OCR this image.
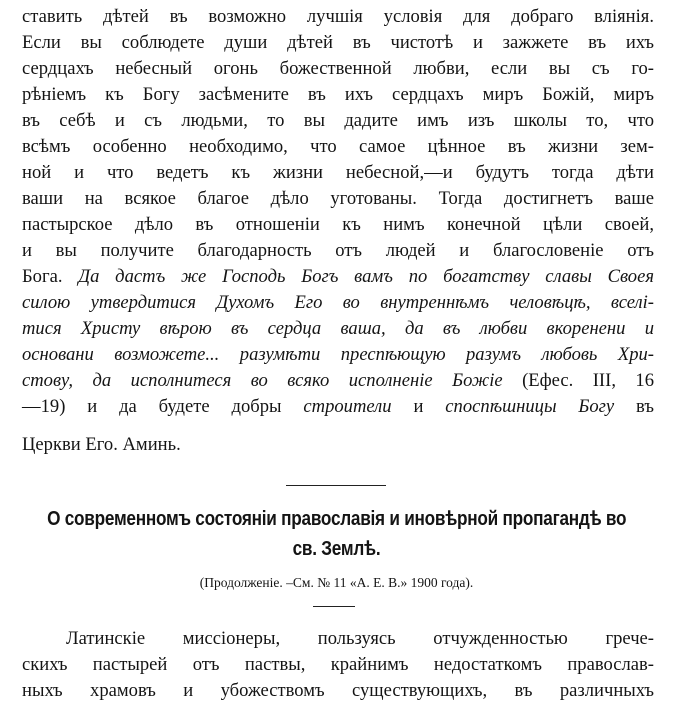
ставить дѣтей въ возможно лучшія условія для добраго вліянія.
Если вы соблюдете души дѣтей въ чистотѣ и зажжете въ ихъ
сердцахъ небесный огонь божественной любви, если вы съ го-
рѣніемъ къ Богу засѣмените въ ихъ сердцахъ миръ Божій, миръ
въ себѣ и съ людьми, то вы дадите имъ изъ школы то, что
всѣмъ особенно необходимо, что самое цѣнное въ жизни зем-
ной и что ведетъ къ жизни небесной,—и будутъ тогда дѣти
ваши на всякое благое дѣло уготованы. Тогда достигнетъ ваше
пастырское дѣло въ отношеніи къ нимъ конечной цѣли своей,
и вы получите благодарность отъ людей и благословеніе отъ
Бога. Да дастъ же Господь Богъ вамъ по богатству славы Своея
силою утвердитися Духомъ Его во внутреннѣмъ человѣцѣ, вселі-
тися Христу вѣрою въ сердца ваша, да въ любви вкоренени и
основани возможете... разумѣти преспѣющую разумъ любовь Хри-
стову, да исполнитеся во всяко исполненіе Божіе (Ефес. III, 16
—19) и да будете добры строители и споспѣшницы Богу въ
Церкви Его. Аминь.
О современномъ состояніи православія и иновѣрной пропагандѣ во
св. Землѣ.
(Продолженіе. –См. № 11 «А. Е. В.» 1900 года).
Латинскіе миссіонеры, пользуясь отчужденностью грече-
скихъ пастырей отъ паствы, крайнимъ недостаткомъ православ-
ныхъ храмовъ и убожествомъ существующихъ, въ различныхъ
